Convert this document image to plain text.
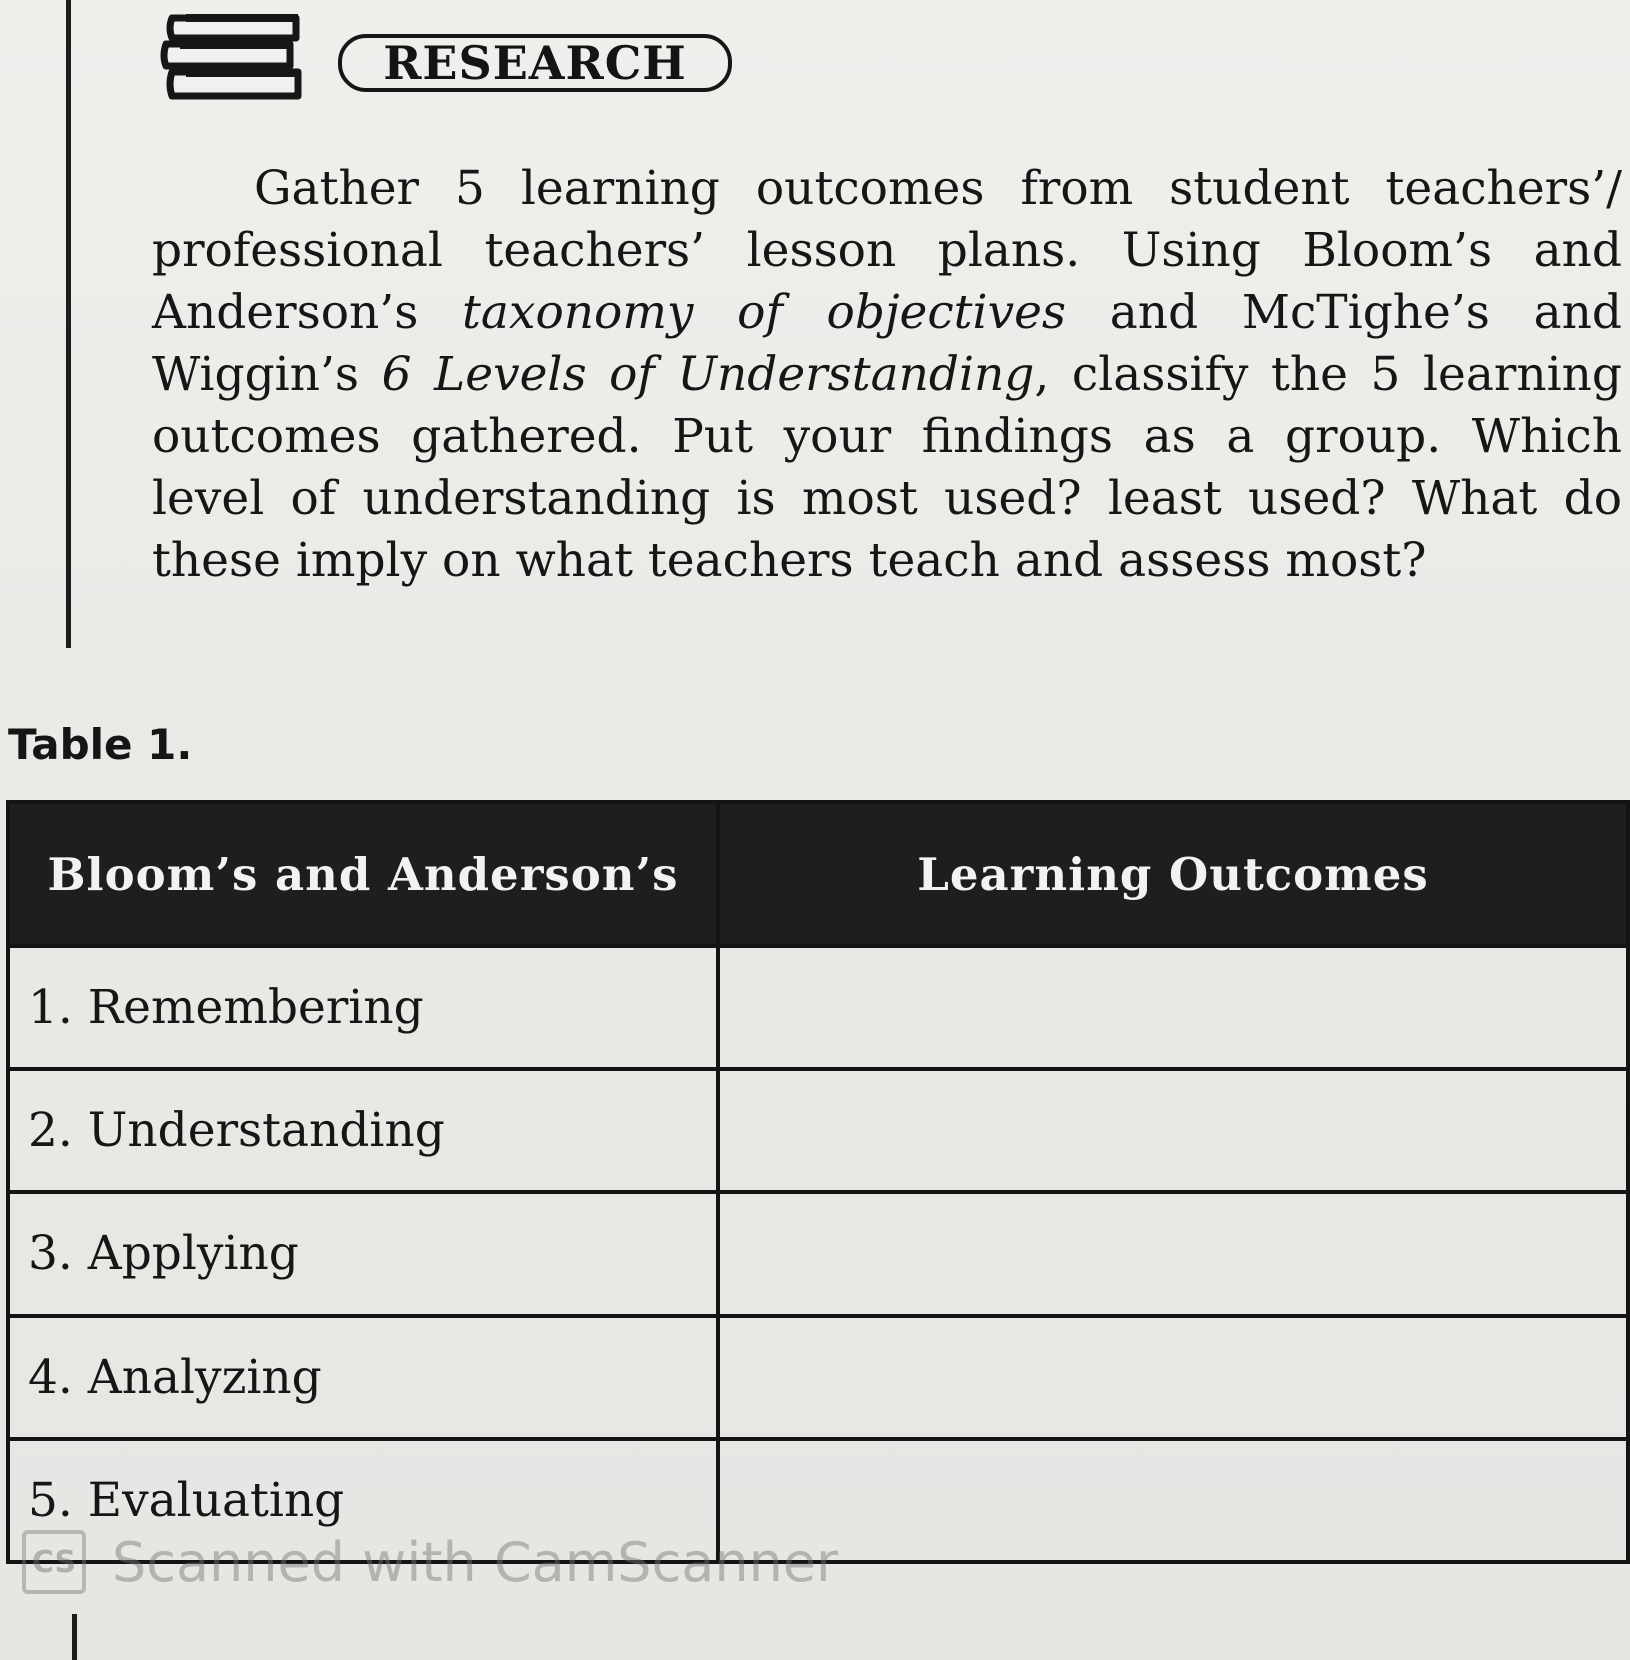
RESEARCH

Gather 5 learning outcomes from student teachers’/ professional teachers’ lesson plans. Using Bloom’s and Anderson’s taxonomy of objectives and McTighe’s and Wiggin’s 6 Levels of Understanding, classify the 5 learning outcomes gathered. Put your findings as a group. Which level of understanding is most used? least used? What do these imply on what teachers teach and assess most?

Table 1.
Bloom’s and Anderson’s	Learning Outcomes
1. Remembering	
2. Understanding	
3. Applying	
4. Analyzing	
5. Evaluating	
CS Scanned with CamScanner
